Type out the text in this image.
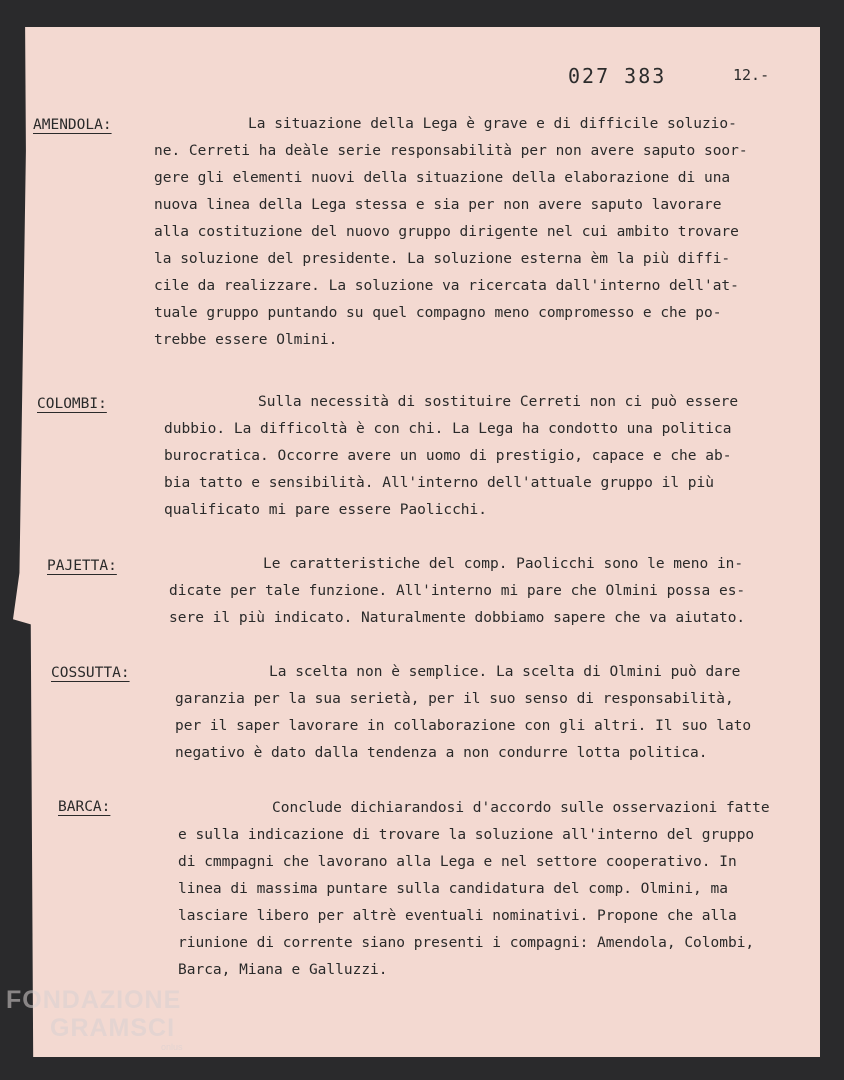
027 383	12.-
AMENDOLA:	La situazione della Lega è grave e di difficile soluzio-
ne. Cerreti ha deàle serie responsabilità per non avere saputo soor-
gere gli elementi nuovi della situazione della elaborazione di una
nuova linea della Lega stessa e sia per non avere saputo lavorare
alla costituzione del nuovo gruppo dirigente nel cui ambito trovare
la soluzione del presidente. La soluzione esterna èm la più diffi-
cile da realizzare. La soluzione va ricercata dall'interno dell'at-
tuale gruppo puntando su quel compagno meno compromesso e che po-
trebbe essere Olmini.
COLOMBI:	Sulla necessità di sostituire Cerreti non ci può essere
dubbio. La difficoltà è con chi. La Lega ha condotto una politica
burocratica. Occorre avere un uomo di prestigio, capace e che ab-
bia tatto e sensibilità. All'interno dell'attuale gruppo il più
qualificato mi pare essere Paolicchi.
PAJETTA:	Le caratteristiche del comp. Paolicchi sono le meno in-
dicate per tale funzione. All'interno mi pare che Olmini possa es-
sere il più indicato. Naturalmente dobbiamo sapere che va aiutato.
COSSUTTA:	La scelta non è semplice. La scelta di Olmini può dare
garanzia per la sua serietà, per il suo senso di responsabilità,
per il saper lavorare in collaborazione con gli altri. Il suo lato
negativo è dato dalla tendenza a non condurre lotta politica.
BARCA:	Conclude dichiarandosi d'accordo sulle osservazioni fatte
e sulla indicazione di trovare la soluzione all'interno del gruppo
di cmmpagni che lavorano alla Lega e nel settore cooperativo. In
linea di massima puntare sulla candidatura del comp. Olmini, ma
lasciare libero per altrè eventuali nominativi. Propone che alla
riunione di corrente siano presenti i compagni: Amendola, Colombi,
Barca, Miana e Galluzzi.
FONDAZIONE
GRAMSCI
onlus
